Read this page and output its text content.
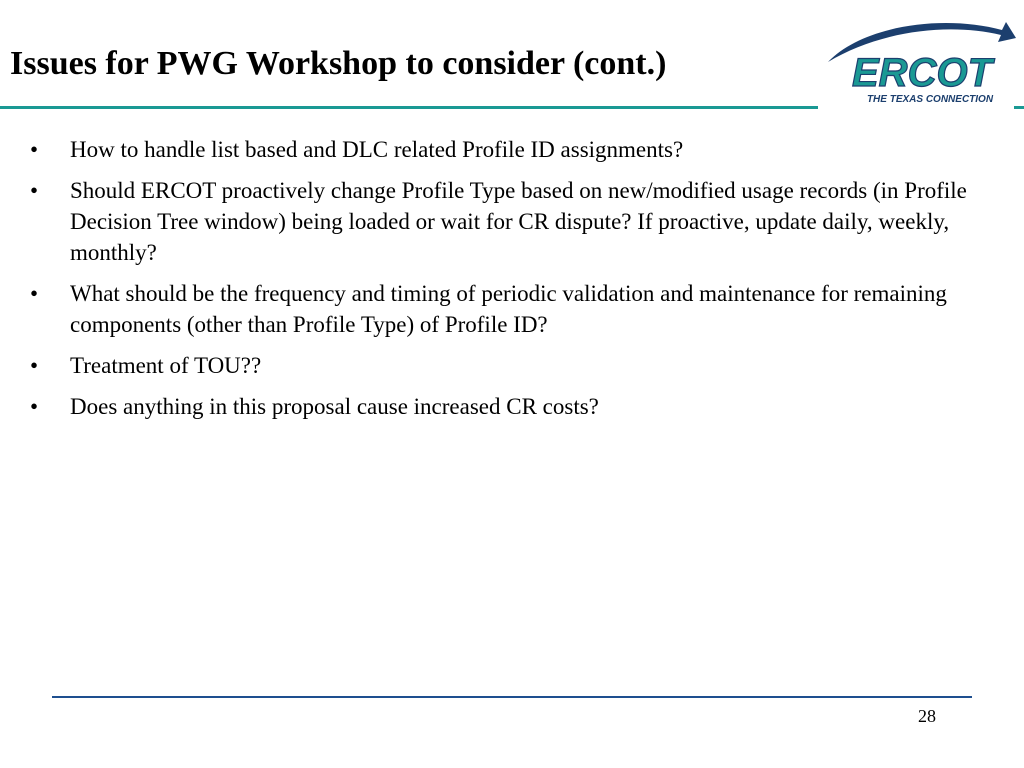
Issues for PWG Workshop to consider (cont.)	ERCOT
THE TEXAS CONNECTION
• How to handle list based and DLC related Profile ID assignments?
• Should ERCOT proactively change Profile Type based on new/modified usage records (in Profile Decision Tree window) being loaded or wait for CR dispute? If proactive, update daily, weekly, monthly?
• What should be the frequency and timing of periodic validation and maintenance for remaining components (other than Profile Type) of Profile ID?
• Treatment of TOU??
• Does anything in this proposal cause increased CR costs?
28
